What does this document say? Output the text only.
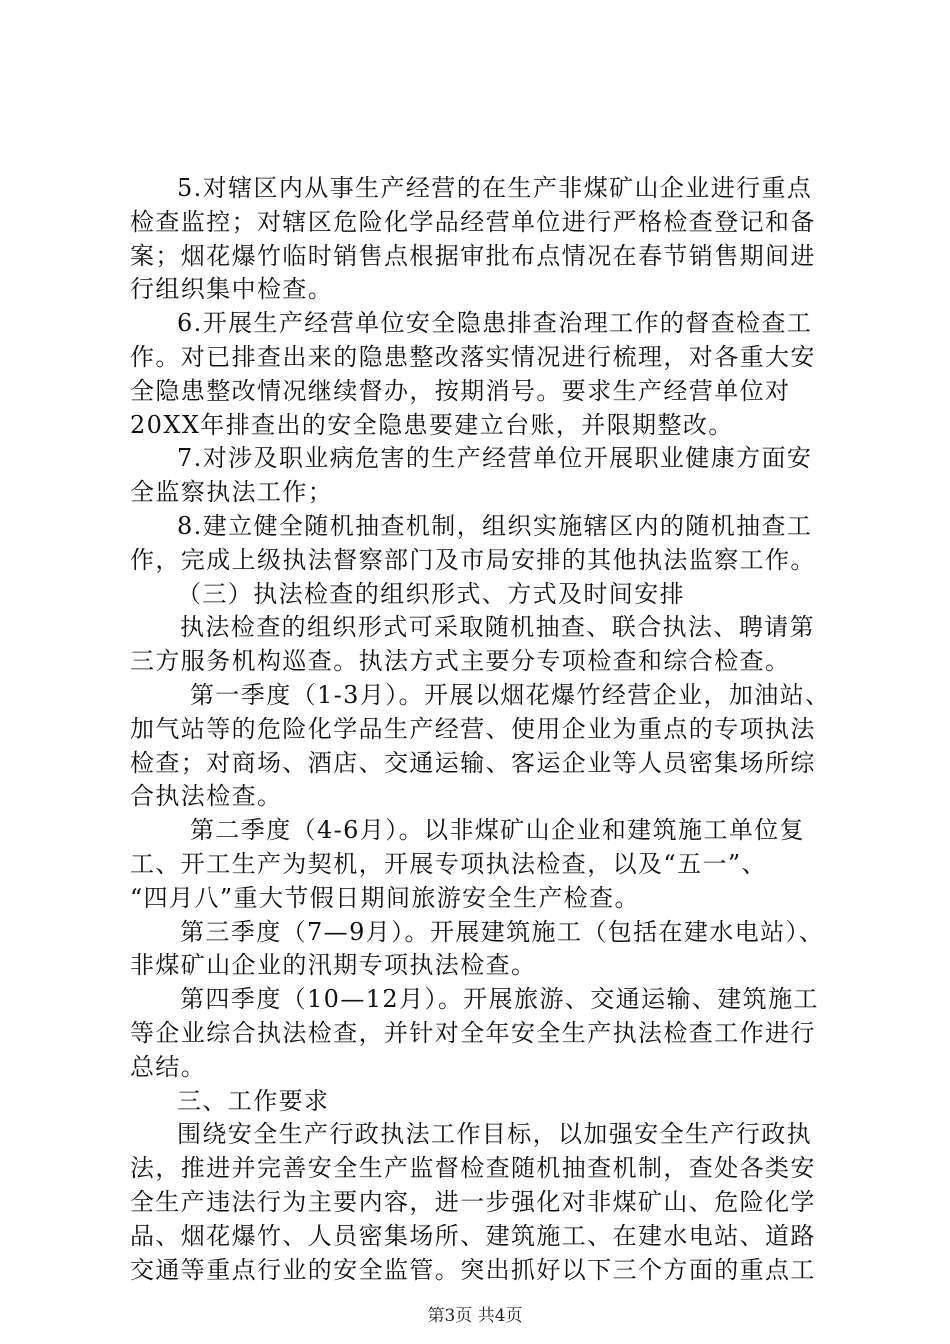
5.对辖区内从事生产经营的在生产非煤矿山企业进行重点
检查监控；对辖区危险化学品经营单位进行严格检查登记和备
案；烟花爆竹临时销售点根据审批布点情况在春节销售期间进
行组织集中检查。
6.开展生产经营单位安全隐患排查治理工作的督查检查工
作。对已排查出来的隐患整改落实情况进行梳理，对各重大安
全隐患整改情况继续督办，按期消号。要求生产经营单位对
20XX年排查出的安全隐患要建立台账，并限期整改。
7.对涉及职业病危害的生产经营单位开展职业健康方面安
全监察执法工作；
8.建立健全随机抽查机制，组织实施辖区内的随机抽查工
作，完成上级执法督察部门及市局安排的其他执法监察工作。
（三）执法检查的组织形式、方式及时间安排
执法检查的组织形式可采取随机抽查、联合执法、聘请第
三方服务机构巡查。执法方式主要分专项检查和综合检查。
第一季度（1-3月）。开展以烟花爆竹经营企业，加油站、
加气站等的危险化学品生产经营、使用企业为重点的专项执法
检查；对商场、酒店、交通运输、客运企业等人员密集场所综
合执法检查。
第二季度（4-6月）。以非煤矿山企业和建筑施工单位复
工、开工生产为契机，开展专项执法检查，以及“五一”、
“四月八”重大节假日期间旅游安全生产检查。
第三季度（7—9月）。开展建筑施工（包括在建水电站）、
非煤矿山企业的汛期专项执法检查。
第四季度（10—12月）。开展旅游、交通运输、建筑施工
等企业综合执法检查，并针对全年安全生产执法检查工作进行
总结。
三、工作要求
围绕安全生产行政执法工作目标，以加强安全生产行政执
法，推进并完善安全生产监督检查随机抽查机制，查处各类安
全生产违法行为主要内容，进一步强化对非煤矿山、危险化学
品、烟花爆竹、人员密集场所、建筑施工、在建水电站、道路
交通等重点行业的安全监管。突出抓好以下三个方面的重点工
第3页 共4页
